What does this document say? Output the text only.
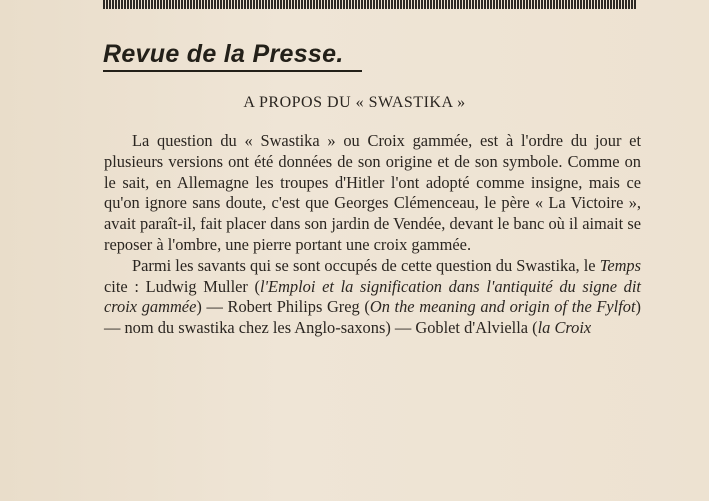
Revue de la Presse.
A PROPOS DU « SWASTIKA »

La question du « Swastika » ou Croix gammée, est à l'ordre du jour et plusieurs versions ont été données de son origine et de son symbole. Comme on le sait, en Allemagne les troupes d'Hitler l'ont adopté comme insigne, mais ce qu'on ignore sans doute, c'est que Georges Clémenceau, le père « La Victoire », avait paraît-il, fait placer dans son jardin de Vendée, devant le banc où il aimait se reposer à l'ombre, une pierre portant une croix gammée.

Parmi les savants qui se sont occupés de cette question du Swastika, le Temps cite : Ludwig Muller (l'Emploi et la signification dans l'antiquité du signe dit croix gammée) — Robert Philips Greg (On the meaning and origin of the Fylfot) — nom du swastika chez les Anglo-saxons) — Goblet d'Alviella (la Croix
